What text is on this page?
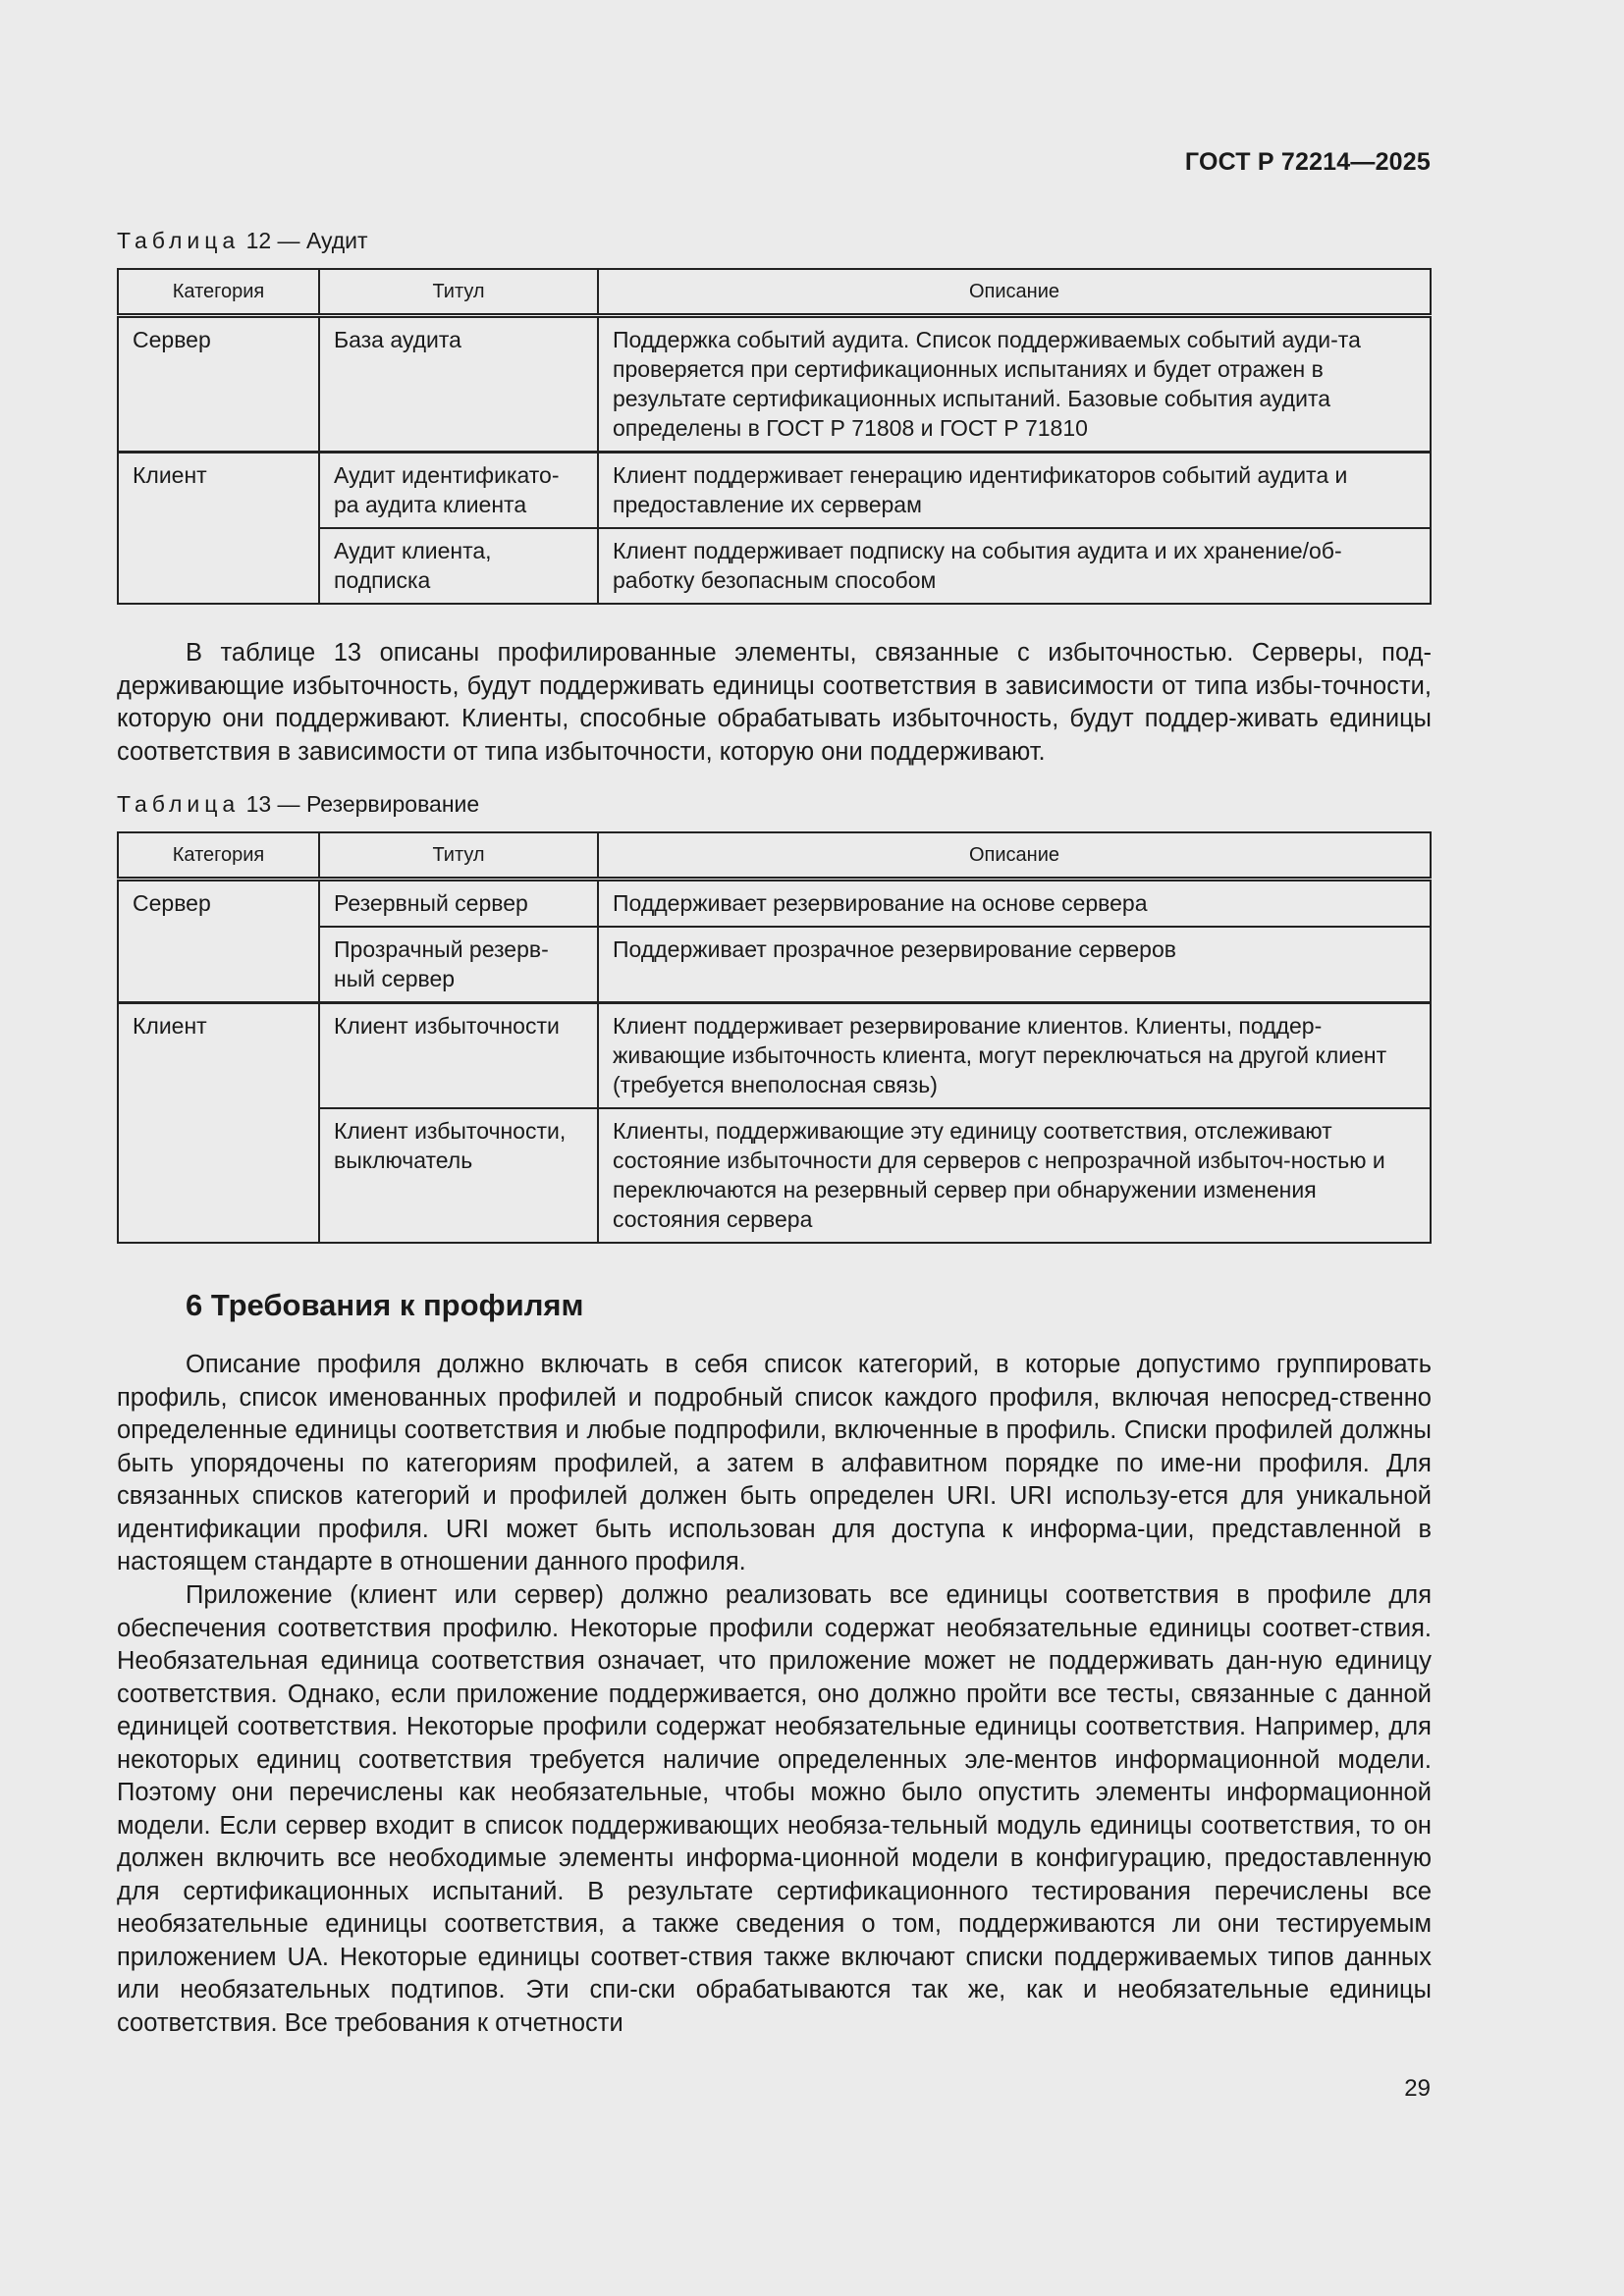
ГОСТ Р 72214—2025
Таблица 12 — Аудит
Категория	Титул	Описание
Сервер	База аудита	Поддержка событий аудита. Список поддерживаемых событий ауди-та проверяется при сертификационных испытаниях и будет отражен в результате сертификационных испытаний. Базовые события аудита определены в ГОСТ Р 71808 и ГОСТ Р 71810
Клиент	Аудит идентификато-ра аудита клиента	Клиент поддерживает генерацию идентификаторов событий аудита и предоставление их серверам
	Аудит клиента, подписка	Клиент поддерживает подписку на события аудита и их хранение/об-работку безопасным способом

В таблице 13 описаны профилированные элементы, связанные с избыточностью. Серверы, под-держивающие избыточность, будут поддерживать единицы соответствия в зависимости от типа избы-точности, которую они поддерживают. Клиенты, способные обрабатывать избыточность, будут поддер-живать единицы соответствия в зависимости от типа избыточности, которую они поддерживают.

Таблица 13 — Резервирование
Категория	Титул	Описание
Сервер	Резервный сервер	Поддерживает резервирование на основе сервера
	Прозрачный резерв-ный сервер	Поддерживает прозрачное резервирование серверов
Клиент	Клиент избыточности	Клиент поддерживает резервирование клиентов. Клиенты, поддер-живающие избыточность клиента, могут переключаться на другой клиент (требуется внеполосная связь)
	Клиент избыточности, выключатель	Клиенты, поддерживающие эту единицу соответствия, отслеживают состояние избыточности для серверов с непрозрачной избыточ-ностью и переключаются на резервный сервер при обнаружении изменения состояния сервера
6 Требования к профилям

Описание профиля должно включать в себя список категорий, в которые допустимо группировать профиль, список именованных профилей и подробный список каждого профиля, включая непосред-ственно определенные единицы соответствия и любые подпрофили, включенные в профиль. Списки профилей должны быть упорядочены по категориям профилей, а затем в алфавитном порядке по име-ни профиля. Для связанных списков категорий и профилей должен быть определен URI. URI использу-ется для уникальной идентификации профиля. URI может быть использован для доступа к информа-ции, представленной в настоящем стандарте в отношении данного профиля.

Приложение (клиент или сервер) должно реализовать все единицы соответствия в профиле для обеспечения соответствия профилю. Некоторые профили содержат необязательные единицы соответ-ствия. Необязательная единица соответствия означает, что приложение может не поддерживать дан-ную единицу соответствия. Однако, если приложение поддерживается, оно должно пройти все тесты, связанные с данной единицей соответствия. Некоторые профили содержат необязательные единицы соответствия. Например, для некоторых единиц соответствия требуется наличие определенных эле-ментов информационной модели. Поэтому они перечислены как необязательные, чтобы можно было опустить элементы информационной модели. Если сервер входит в список поддерживающих необяза-тельный модуль единицы соответствия, то он должен включить все необходимые элементы информа-ционной модели в конфигурацию, предоставленную для сертификационных испытаний. В результате сертификационного тестирования перечислены все необязательные единицы соответствия, а также сведения о том, поддерживаются ли они тестируемым приложением UA. Некоторые единицы соответ-ствия также включают списки поддерживаемых типов данных или необязательных подтипов. Эти спи-ски обрабатываются так же, как и необязательные единицы соответствия. Все требования к отчетности

29
